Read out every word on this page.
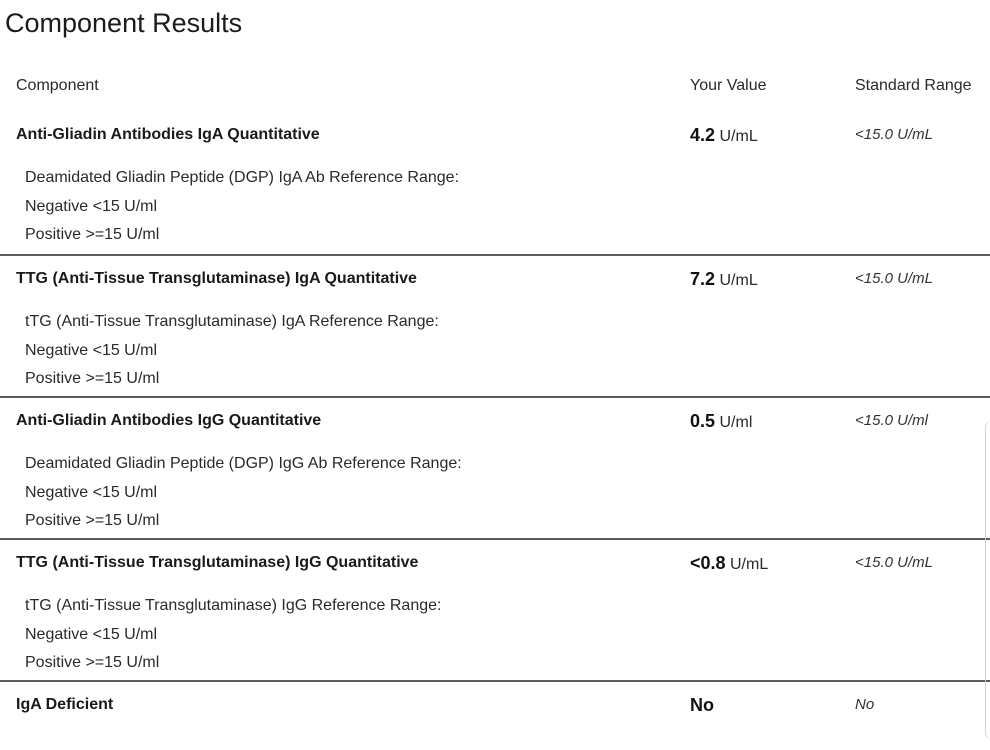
Component Results
Component	Your Value	Standard Range
Anti-Gliadin Antibodies IgA Quantitative	4.2 U/mL	<15.0 U/mL
Deamidated Gliadin Peptide (DGP) IgA Ab Reference Range:
Negative <15 U/ml
Positive >=15 U/ml
TTG (Anti-Tissue Transglutaminase) IgA Quantitative	7.2 U/mL	<15.0 U/mL
tTG (Anti-Tissue Transglutaminase) IgA Reference Range:
Negative <15 U/ml
Positive >=15 U/ml
Anti-Gliadin Antibodies IgG Quantitative	0.5 U/ml	<15.0 U/ml
Deamidated Gliadin Peptide (DGP) IgG Ab Reference Range:
Negative <15 U/ml
Positive >=15 U/ml
TTG (Anti-Tissue Transglutaminase) IgG Quantitative	<0.8 U/mL	<15.0 U/mL
tTG (Anti-Tissue Transglutaminase) IgG Reference Range:
Negative <15 U/ml
Positive >=15 U/ml
IgA Deficient	No	No
